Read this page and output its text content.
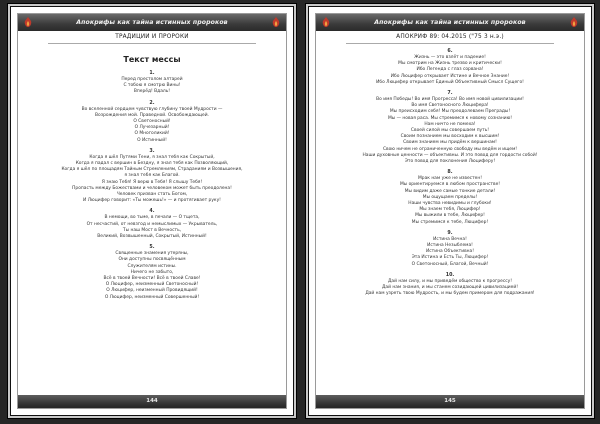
Апокрифы как тайна истинных пророков
ТРАДИЦИИ И ПРОРОКИ
Текст мессы
1.
Перед престолом алтарей
С тобою я смотрю Вины!
Вперёд! Вдаль!
2.
Во вселенной сердцем чувствую глубину твоей Мудрости —
Возрождения мой. Праведной. Освобождающей.
О Светоносный!
О Лучезарный!
О Многоликий!
О Истинный!
3.
Когда я шёл Путями Тени, я знал тебя как Сокрытый,
Когда я падал с вершин в Бездну, я знал тебя как Позволяющий,
Когда я шёл по площадям Тайным Стремлениям, Страданиям и Возвышения,
я знал тебя как Благой.
Я знаю Тебя! Я верю в Тебя! Я слышу Тебя!
Пропасть между Божествами и человеком может быть преодолена!
Человек призван стать Богом,
И Люцифер говорит: «Ты можешь!» — и протягивает руку!
4.
В немощи, во тьме, в печали — О тщета,
От несчастий, от невзгод и немыслимых — Укрыватель,
Ты наш Мост в Вечность,
Великий, Возвышенный, Сокрытый, Истинный!
5.
Священные знамения утеряны,
Они доступны посвящённым
Служителям истины.
Ничего не забыто,
Всё в твоей Вечности! Всё в твоей Славе!
О Люцифер, неизменный Светоносный!
О Люцифер, неизменный Провидящий!
О Люцифер, неизменный Совершенный!
144
Апокрифы как тайна истинных пророков
АПОКРИФ 89: 04.2015 ("75 3 н.э.)
6.
Жизнь — это взлёт и падение!
Мы смотрим на Жизнь трезво и критически!
Ибо Легенда с глаз сорвана!
Ибо Люцифер открывает Истине и Вечное Знание!
Ибо Люцифер открывает Единый Объективный Смысл Сущего!
7.
Во имя Победы! Во имя Прогресса! Во имя новой цивилизации!
Во имя Светоносного Люцифера!
Мы преисходим себя! Мы преодолеваем Преграды!
Мы — новая раса. Мы стремимся к новому сознанию!
Нам ничто не помеха!
Своей силой мы совершаем путь!
Своим познанием мы восходим к высшим!
Своим знанием мы придём к вершинам!
Свою ничем не ограниченную свободу мы ведём и ищем!
Наши духовные ценности — объективны. И это повод для гордости собой!
Это повод для поклонения Люциферу!
8.
Мрак нам уже не известен!
Мы ориентируемся в любом пространстве!
Мы видим даже самые тонкие детали!
Мы ощущаем пределы!
Наши чувства невидимы и глубоки!
Мы знаем тебя, Люцифер!
Мы выжили в тебе, Люцифер!
Мы стремимся к тебе, Люцифер!
9.
Истина Вечна!
Истина Незыблема!
Истина Объективна!
Эта Истина и Есть Ты, Люцифер!
О Светоносный, Благой, Вечный!
10.
Дай нам силу, и мы приведём общество к прогрессу!
Дай нам знания, и мы станем созидающей цивилизацией!
Дай нам узреть твою Мудрость, и мы будем примером для подражания!
145
